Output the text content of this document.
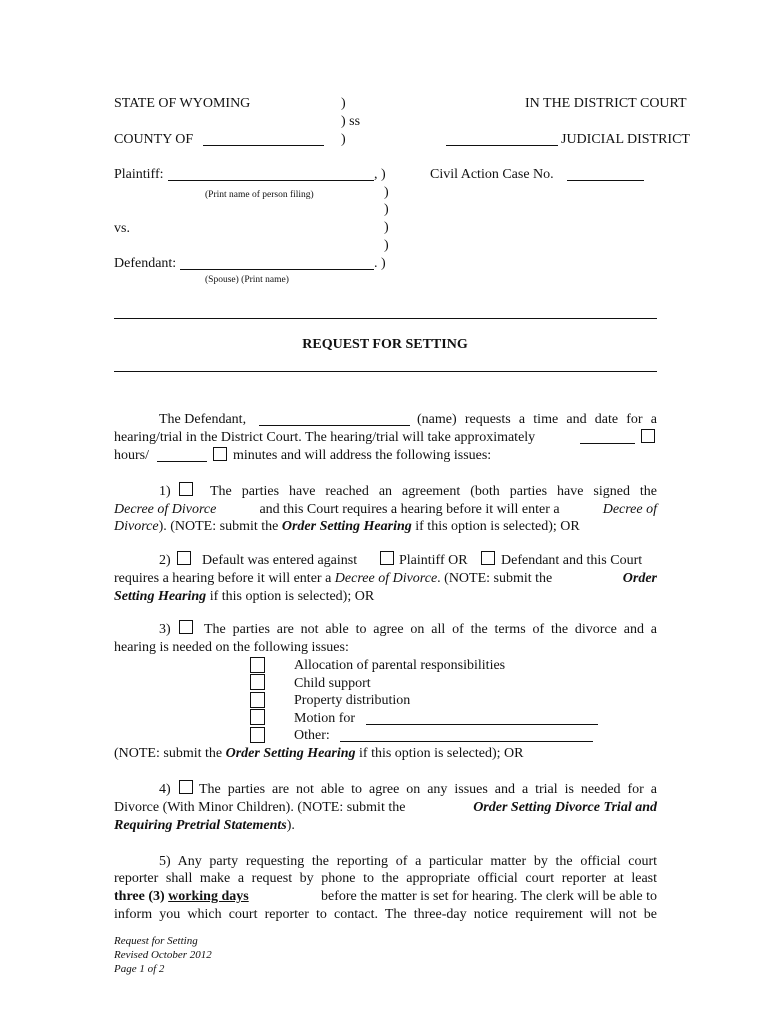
STATE OF WYOMING	)
) ss
)
IN THE DISTRICT COURT
COUNTY OF	JUDICIAL DISTRICT
Plaintiff:	, )
(Print name of person filing)	)
)
vs.	)
)
Defendant:	. )
(Spouse) (Print name)
Civil Action Case No.
REQUEST FOR SETTING
The Defendant,	(name) requests a time and date for a
hearing/trial in the District Court. The hearing/trial will take approximately
hours/	minutes and will address the following issues:
1)	The parties have reached an agreement (both parties have signed the
Decree of Divorce	and this Court requires a hearing before it will enter a	Decree of
Divorce). (NOTE: submit the Order Setting Hearing if this option is selected); OR
2) Default was entered against	Plaintiff OR Defendant and this Court
requires a hearing before it will enter a Decree of Divorce. (NOTE: submit the	Order
Setting Hearing if this option is selected); OR
3) The parties are not able to agree on all of the terms of the divorce and a
hearing is needed on the following issues:
Allocation of parental responsibilities
Child support
Property distribution
Motion for
Other:
(NOTE: submit the Order Setting Hearing if this option is selected); OR
4) The parties are not able to agree on any issues and a trial is needed for a
Divorce (With Minor Children). (NOTE: submit the	Order Setting Divorce Trial and
Requiring Pretrial Statements).
5) Any party requesting the reporting of a particular matter by the official court
reporter shall make a request by phone to the appropriate official court reporter at least
three (3) working days	before the matter is set for hearing. The clerk will be able to
inform you which court reporter to contact. The three-day notice requirement will not be
Request for Setting
Revised October 2012
Page 1 of 2
